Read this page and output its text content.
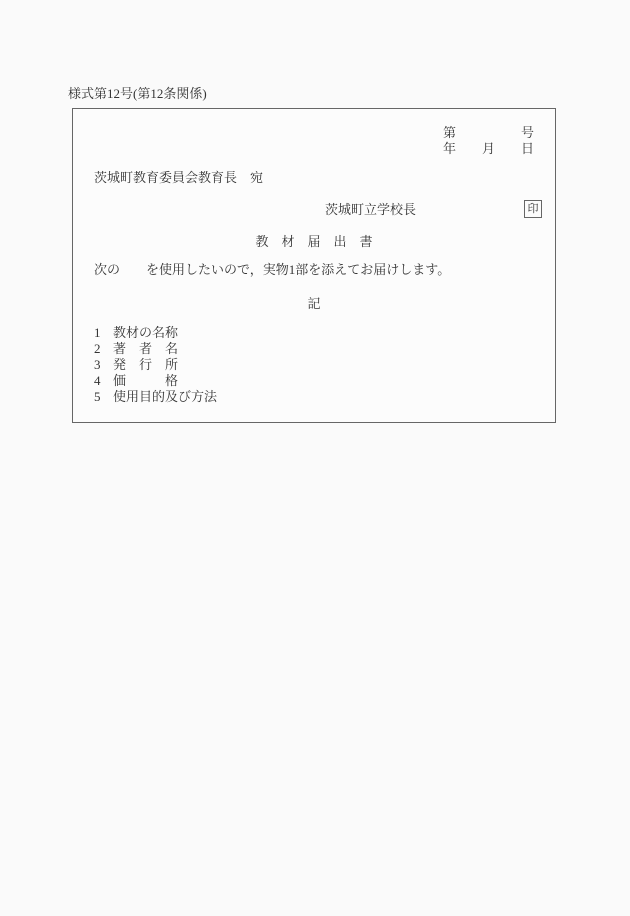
様式第12号(第12条関係)
第　　　　　号
年　　月　　日
茨城町教育委員会教育長　宛
茨城町立学校長	印
教　材　届　出　書
次の　　を使用したいので，実物1部を添えてお届けします。
記
1 教材の名称
2 著　者　名
3 発　行　所
4 価　　　格
5 使用目的及び方法
